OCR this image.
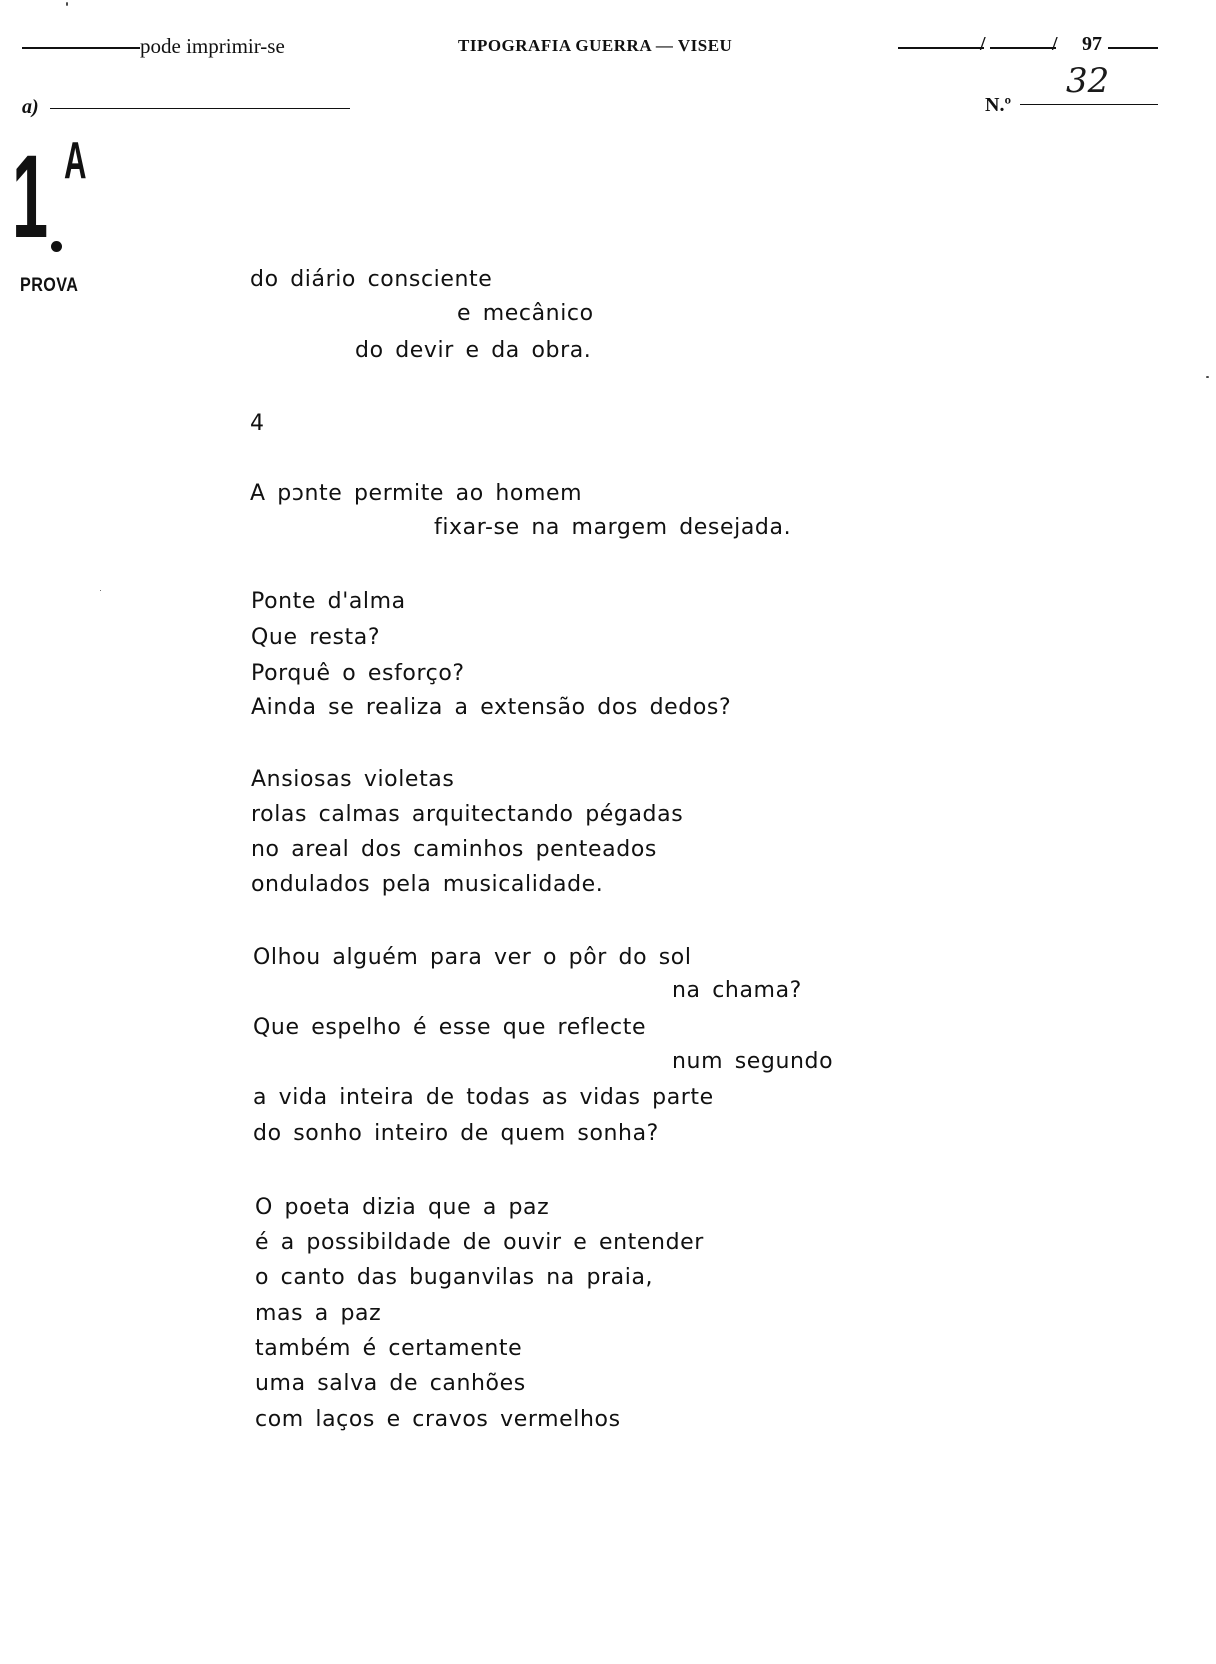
pode imprimir-se	TIPOGRAFIA GUERRA — VISEU	/	/ 97
a)	N.º
32
1 A
PROVA	do diário consciente
e mecânico
do devir e da obra.
4
A pɔnte permite ao homem
fixar-se na margem desejada.
Ponte d'alma
Que resta?
Porquê o esforço?
Ainda se realiza a extensão dos dedos?
Ansiosas violetas
rolas calmas arquitectando pégadas
no areal dos caminhos penteados
ondulados pela musicalidade.
Olhou alguém para ver o pôr do sol
na chama?
Que espelho é esse que reflecte
num segundo
a vida inteira de todas as vidas parte
do sonho inteiro de quem sonha?
O poeta dizia que a paz
é a possibildade de ouvir e entender
o canto das buganvilas na praia,
mas a paz
também é certamente
uma salva de canhões
com laços e cravos vermelhos
